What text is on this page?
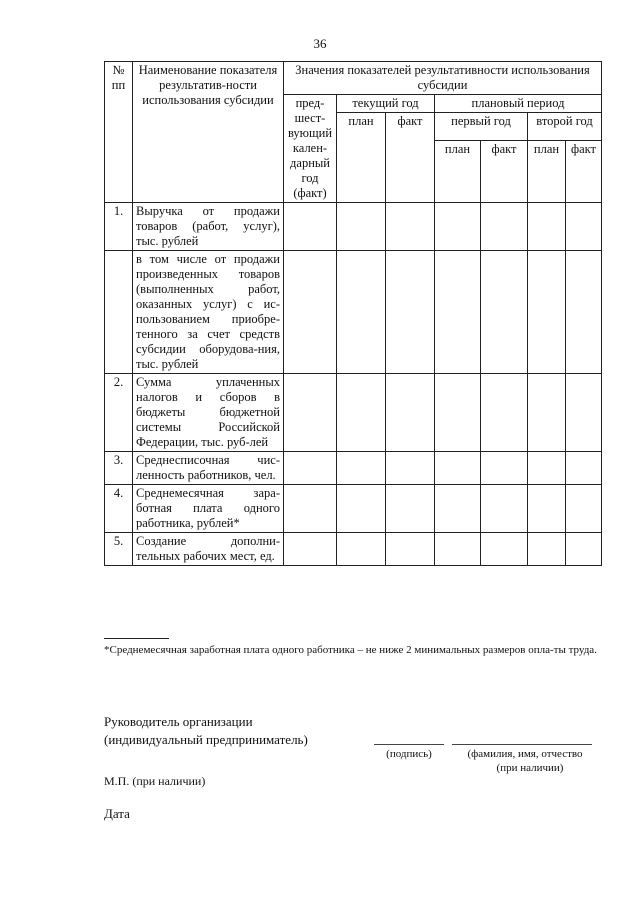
36
№ пп	Наименование показателя результатив-ности использования субсидии	Значения показателей результативности использования субсидии						
		пред-шест-вующий кален-дарный год (факт)	текущий год		плановый период			
			план	факт	первый год		второй год	
					план	факт	план	факт
1.	Выручка от продажи товаров (работ, услуг), тыс. рублей							
	в том числе от продажи произведенных товаров (выполненных работ, оказанных услуг) с ис-пользованием приобре-тенного за счет средств субсидии оборудова-ния, тыс. рублей							
2.	Сумма уплаченных налогов и сборов в бюджеты бюджетной системы Российской Федерации, тыс. руб-лей							
3.	Среднесписочная чис-ленность работников, чел.							
4.	Среднемесячная зара-ботная плата одного работника, рублей*							
5.	Создание дополни-тельных рабочих мест, ед.							
*Среднемесячная заработная плата одного работника – не ниже 2 минимальных размеров опла-ты труда.
Руководитель организации
(индивидуальный предприниматель)
(подпись)	(фамилия, имя, отчество
(при наличии)
М.П. (при наличии)
Дата
